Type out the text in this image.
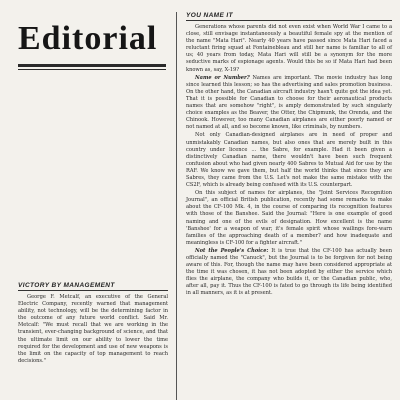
Editorial
VICTORY BY MANAGEMENT

George F. Metcalf, an executive of the General Electric Company, recently warned that management ability, not technology, will be the determining factor in the outcome of any future world conflict. Said Mr. Metcalf: "We must recall that we are working in the transient, ever-changing background of science, and that the ultimate limit on our ability to lower the time required for the development and use of new weapons is the limit on the capacity of top management to reach decisions."

YOU NAME IT

Generations whose parents did not even exist when World War I came to a close, still envisage instantaneously a beautiful female spy at the mention of the name "Mata Hari". Nearly 40 years have passed since Mata Hari faced a reluctant firing squad at Fontainebleau and still her name is familiar to all of us; 40 years from today, Mata Hari will still be a synonym for the more seductive marks of espionage agents. Would this be so if Mata Hari had been known as, say, X-19?

Name or Number? Names are important. The movie industry has long since learned this lesson; so has the advertising and sales promotion business. On the other hand, the Canadian aircraft industry hasn't quite got the idea yet. That it is possible for Canadian to choose for their aeronautical products names that are somehow "right", is amply demonstrated by such singularly choice examples as the Beaver, the Otter, the Chipmunk, the Orenda, and the Chinook. However, too many Canadian airplanes are either poorly named or not named at all, and so become known, like criminals, by numbers.

Not only Canadian-designed airplanes are in need of proper and unmistakably Canadian names, but also ones that are merely built in this country under licence ... the Sabre, for example. Had it been given a distinctively Canadian name, there wouldn't have been such frequent confusion about who had given nearly 400 Sabres to Mutual Aid for use by the RAF. We know we gave them, but half the world thinks that since they are Sabres, they came from the U.S. Let's not make the same mistake with the CS2F, which is already being confused with its U.S. counterpart.

On this subject of names for airplanes, the "Joint Services Recognition Journal", an official British publication, recently had some remarks to make about the CF-100 Mk. 4, in the course of comparing its recognition features with those of the Banshee. Said the Journal: "Here is one example of good naming and one of the evils of designation. How excellent is the name 'Banshee' for a weapon of war; it's female spirit whose wailings fore-warn families of the approaching death of a member? and how inadequate and meaningless is CF-100 for a fighter aircraft."

Not the People's Choice: It is true that the CF-100 has actually been officially named the "Canuck", but the Journal is to be forgiven for not being aware of this. For, though the name may have been considered appropriate at the time it was chosen, it has not been adopted by either the service which flies the airplane, the company who builds it, or the Canadian public, who, after all, pay it. Thus the CF-100 is fated to go through its life being identified in all manners, as it is at present.
